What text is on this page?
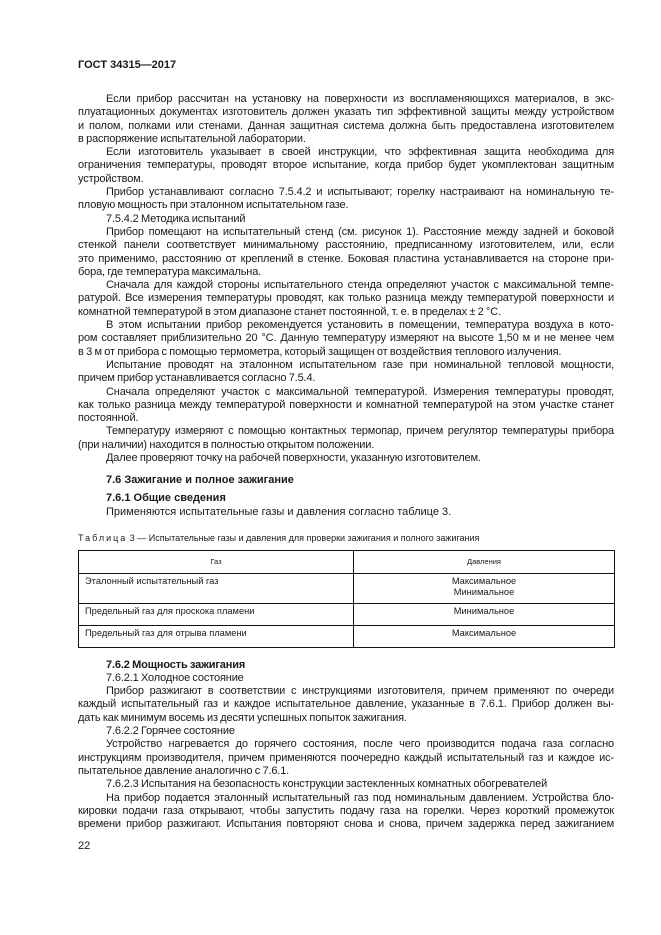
ГОСТ 34315—2017
Если прибор рассчитан на установку на поверхности из воспламеняющихся материалов, в экс-
плуатационных документах изготовитель должен указать тип эффективной защиты между устройством
и полом, полками или стенами. Данная защитная система должна быть предоставлена изготовителем
в распоряжение испытательной лаборатории.
Если изготовитель указывает в своей инструкции, что эффективная защита необходима для
ограничения температуры, проводят второе испытание, когда прибор будет укомплектован защитным
устройством.
Прибор устанавливают согласно 7.5.4.2 и испытывают; горелку настраивают на номинальную те-
пловую мощность при эталонном испытательном газе.
7.5.4.2 Методика испытаний
Прибор помещают на испытательный стенд (см. рисунок 1). Расстояние между задней и боковой
стенкой панели соответствует минимальному расстоянию, предписанному изготовителем, или, если
это применимо, расстоянию от креплений в стенке. Боковая пластина устанавливается на стороне при-
бора, где температура максимальна.
Сначала для каждой стороны испытательного стенда определяют участок с максимальной темпе-
ратурой. Все измерения температуры проводят, как только разница между температурой поверхности и
комнатной температурой в этом диапазоне станет постоянной, т. е. в пределах ± 2 °С.
В этом испытании прибор рекомендуется установить в помещении, температура воздуха в кото-
ром составляет приблизительно 20 °С. Данную температуру измеряют на высоте 1,50 м и не менее чем
в 3 м от прибора с помощью термометра, который защищен от воздействия теплового излучения.
Испытание проводят на эталонном испытательном газе при номинальной тепловой мощности,
причем прибор устанавливается согласно 7.5.4.
Сначала определяют участок с максимальной температурой. Измерения температуры проводят,
как только разница между температурой поверхности и комнатной температурой на этом участке станет
постоянной.
Температуру измеряют с помощью контактных термопар, причем регулятор температуры прибора
(при наличии) находится в полностью открытом положении.
Далее проверяют точку на рабочей поверхности, указанную изготовителем.
7.6 Зажигание и полное зажигание
7.6.1 Общие сведения
Применяются испытательные газы и давления согласно таблице 3.
Таблица 3 — Испытательные газы и давления для проверки зажигания и полного зажигания
Газ	Давления
Эталонный испытательный газ	Максимальное
Минимальное

Предельный газ для проскока пламени	Минимальное
Предельный газ для отрыва пламени	Максимальное
7.6.2 Мощность зажигания
7.6.2.1 Холодное состояние
Прибор разжигают в соответствии с инструкциями изготовителя, причем применяют по очереди
каждый испытательный газ и каждое испытательное давление, указанные в 7.6.1. Прибор должен вы-
дать как минимум восемь из десяти успешных попыток зажигания.
7.6.2.2 Горячее состояние
Устройство нагревается до горячего состояния, после чего производится подача газа согласно
инструкциям производителя, причем применяются поочередно каждый испытательный газ и каждое ис-
пытательное давление аналогично с 7.6.1.
7.6.2.3 Испытания на безопасность конструкции застекленных комнатных обогревателей
На прибор подается эталонный испытательный газ под номинальным давлением. Устройства бло-
кировки подачи газа открывают, чтобы запустить подачу газа на горелки. Через короткий промежуток
времени прибор разжигают. Испытания повторяют снова и снова, причем задержка перед зажиганием
22
